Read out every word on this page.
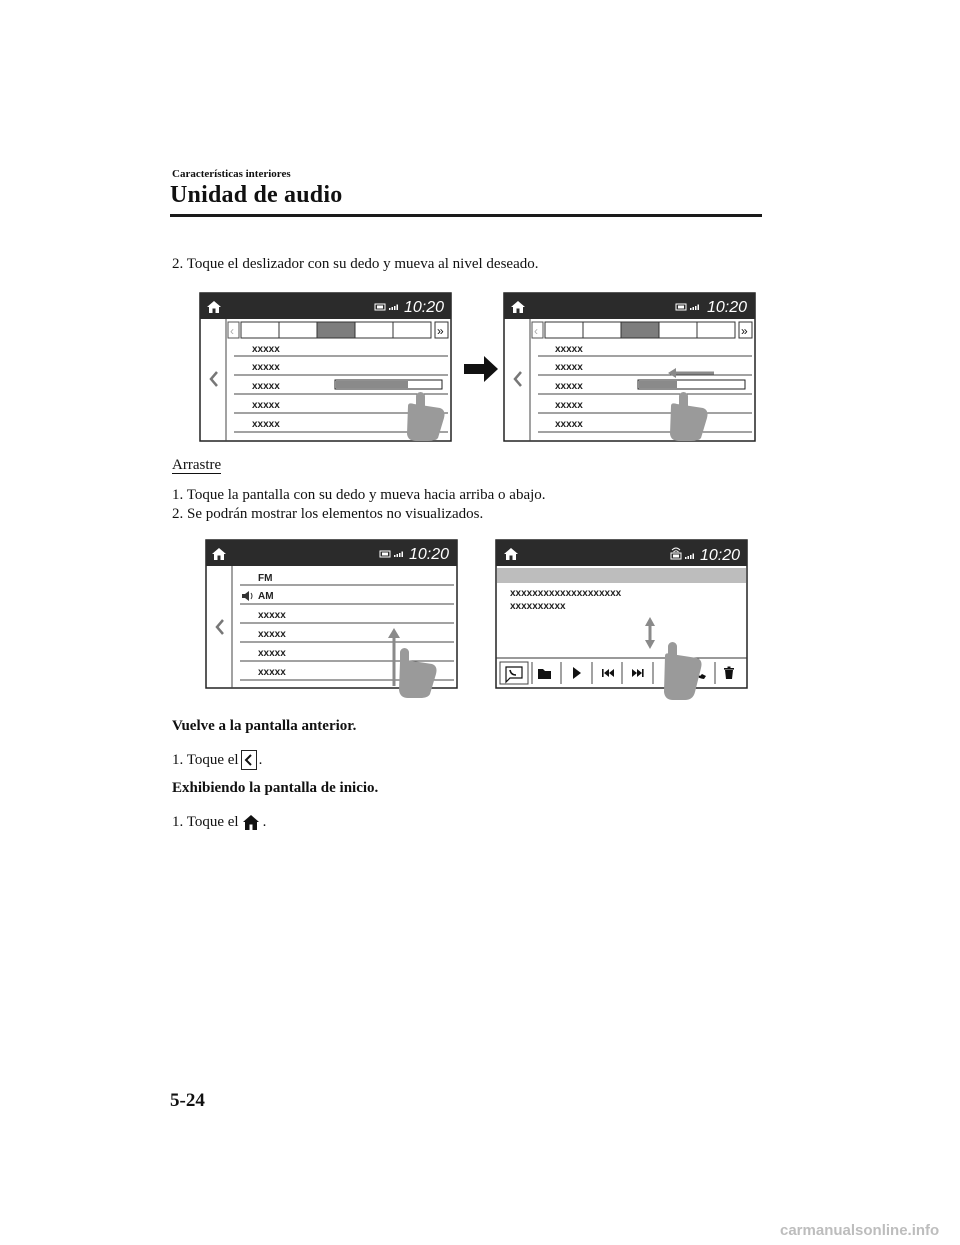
Características interiores
Unidad de audio
2. Toque el deslizador con su dedo y mueva al nivel deseado.
10:20
‹	»
xxxxx
xxxxx
xxxxx
xxxxx
xxxxx
10:20
‹	»
xxxxx
xxxxx
xxxxx
xxxxx
xxxxx
Arrastre
1. Toque la pantalla con su dedo y mueva hacia arriba o abajo.
2. Se podrán mostrar los elementos no visualizados.
10:20
FM
AM
xxxxx
xxxxx
xxxxx
xxxxx
10:20
xxxxxxxxxxxxxxxxxxxx
xxxxxxxxxx
Vuelve a la pantalla anterior.
1. Toque el .
Exhibiendo la pantalla de inicio.
1. Toque el .
5-24
carmanualsonline.info
